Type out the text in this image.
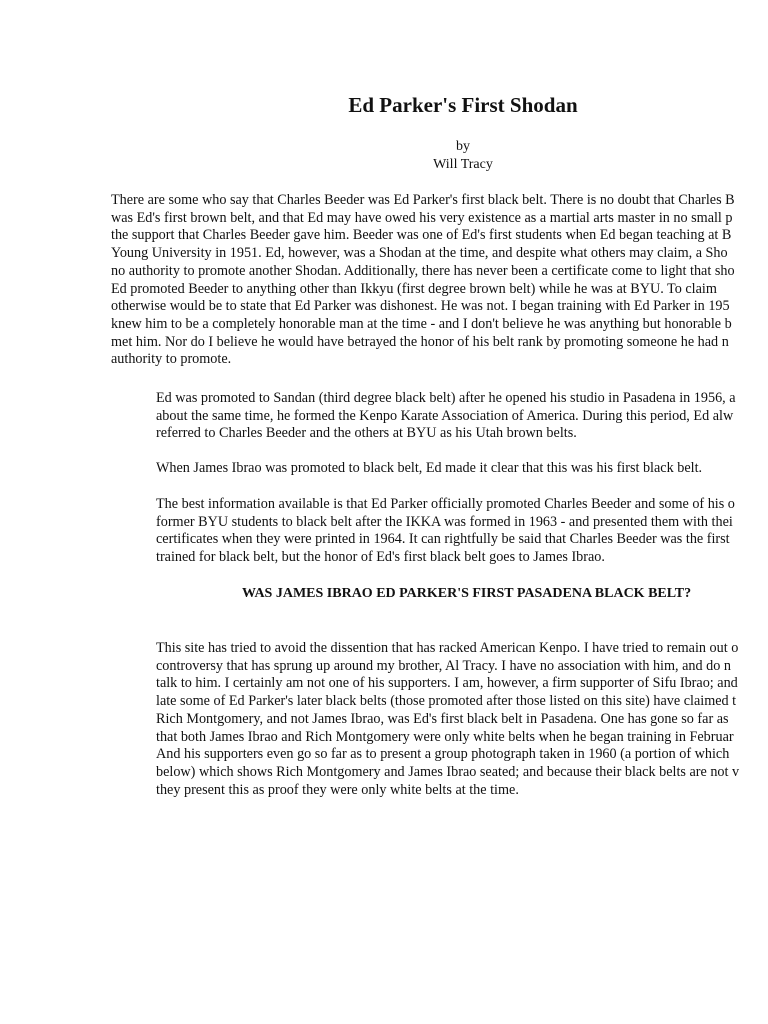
Ed Parker's First Shodan
by
Will Tracy

There are some who say that Charles Beeder was Ed Parker's first black belt. There is no doubt that Charles B
was Ed's first brown belt, and that Ed may have owed his very existence as a martial arts master in no small p
the support that Charles Beeder gave him. Beeder was one of Ed's first students when Ed began teaching at B
Young University in 1951. Ed, however, was a Shodan at the time, and despite what others may claim, a Sho
no authority to promote another Shodan. Additionally, there has never been a certificate come to light that sho
Ed promoted Beeder to anything other than Ikkyu (first degree brown belt) while he was at BYU. To claim
otherwise would be to state that Ed Parker was dishonest. He was not. I began training with Ed Parker in 195
knew him to be a completely honorable man at the time - and I don't believe he was anything but honorable b
met him. Nor do I believe he would have betrayed the honor of his belt rank by promoting someone he had n
authority to promote.

Ed was promoted to Sandan (third degree black belt) after he opened his studio in Pasadena in 1956, a
about the same time, he formed the Kenpo Karate Association of America. During this period, Ed alw
referred to Charles Beeder and the others at BYU as his Utah brown belts.

When James Ibrao was promoted to black belt, Ed made it clear that this was his first black belt.

The best information available is that Ed Parker officially promoted Charles Beeder and some of his o
former BYU students to black belt after the IKKA was formed in 1963 - and presented them with thei
certificates when they were printed in 1964. It can rightfully be said that Charles Beeder was the first
trained for black belt, but the honor of Ed's first black belt goes to James Ibrao.

WAS JAMES IBRAO ED PARKER'S FIRST PASADENA BLACK BELT?

This site has tried to avoid the dissention that has racked American Kenpo. I have tried to remain out o
controversy that has sprung up around my brother, Al Tracy. I have no association with him, and do n
talk to him. I certainly am not one of his supporters. I am, however, a firm supporter of Sifu Ibrao; and
late some of Ed Parker's later black belts (those promoted after those listed on this site) have claimed t
Rich Montgomery, and not James Ibrao, was Ed's first black belt in Pasadena. One has gone so far as
that both James Ibrao and Rich Montgomery were only white belts when he began training in Februar
And his supporters even go so far as to present a group photograph taken in 1960 (a portion of which
below) which shows Rich Montgomery and James Ibrao seated; and because their black belts are not v
they present this as proof they were only white belts at the time.
